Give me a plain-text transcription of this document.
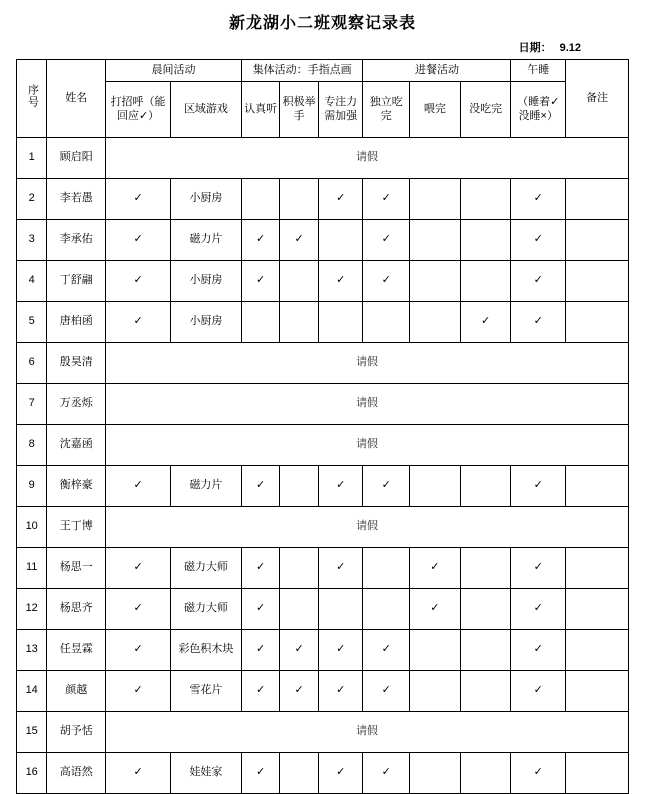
新龙湖小二班观察记录表
日期： 9.12
序号	姓名	晨间活动		集体活动：手指点画			进餐活动			午睡	备注
		打招呼（能回应✓）	区域游戏	认真听	积极举手	专注力需加强	独立吃完	喂完	没吃完	（睡着✓没睡×）	
1	顾启阳	请假									
2	李若愚	✓	小厨房			✓	✓			✓	
3	李承佑	✓	磁力片	✓	✓		✓			✓	
4	丁舒翮	✓	小厨房	✓		✓	✓			✓	
5	唐柏函	✓	小厨房						✓	✓	
6	殷昊清	请假									
7	万丞烁	请假									
8	沈嘉函	请假									
9	衡梓豪	✓	磁力片	✓		✓	✓			✓	
10	王丁博	请假									
11	杨思一	✓	磁力大师	✓		✓		✓		✓	
12	杨思齐	✓	磁力大师	✓				✓		✓	
13	任昱霖	✓	彩色积木块	✓	✓	✓	✓			✓	
14	颜越	✓	雪花片	✓	✓	✓	✓			✓	
15	胡予恬	请假									
16	高语然	✓	娃娃家	✓		✓	✓			✓	
